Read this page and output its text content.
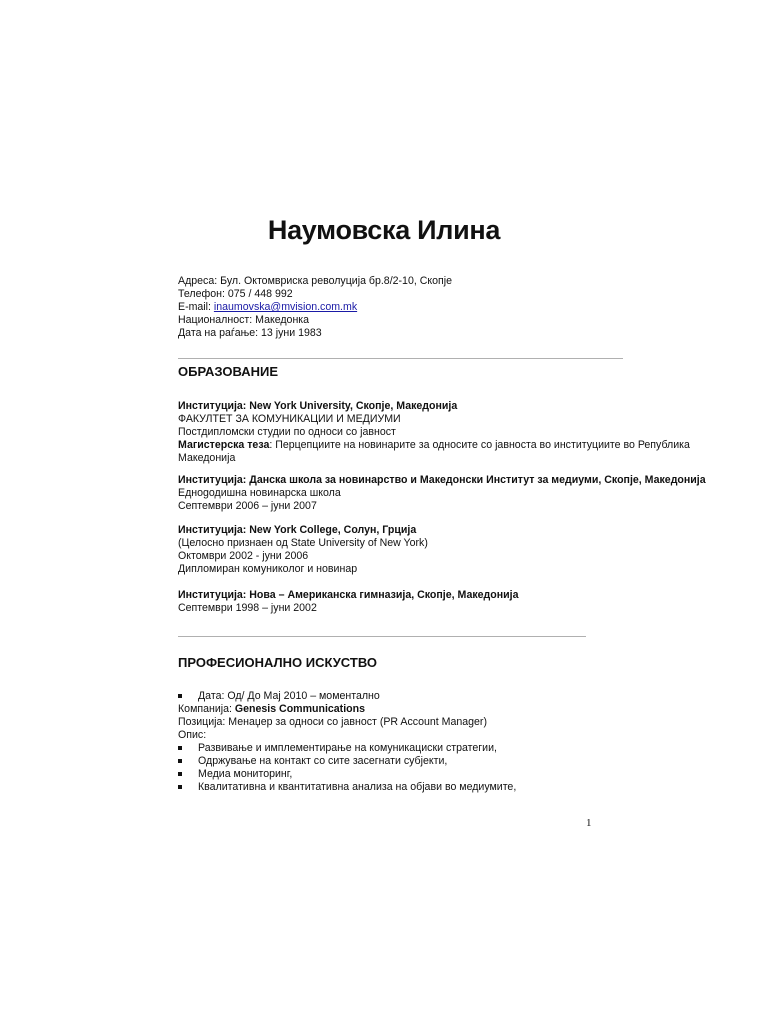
Наумовска Илина
Адреса: Бул. Октомвриска револуција бр.8/2-10, Скопје
Телефон: 075 / 448 992
E-mail: inaumovska@mvision.com.mk
Националност: Македонка
Дата на раѓање: 13 јуни 1983
ОБРАЗОВАНИЕ
Институција: New York University, Скопје, Македонија
ФАКУЛТЕТ ЗА КОМУНИКАЦИИ И МЕДИУМИ
Постдипломски студии по односи со јавност
Магистерска теза: Перцепциите на новинарите за односите со јавноста во институциите во Република
Македонија
Институција: Данска школа за новинарство и Македонски Институт за медиуми, Скопје, Македонија
Еднogодишна новинарска школа
Септември 2006 – јуни 2007
Институција: New York College, Солун, Грција
(Целосно признаен од State University of New York)
Октомври 2002 - јуни 2006
Дипломиран комуниколог и новинар
Институција: Нова – Американска гимназија, Скопје, Македонија
Септември 1998 – јуни 2002
ПРОФЕСИОНАЛНО ИСКУСТВО
Дата: Од/ До Мај 2010 – моментално
Компанија: Genesis Communications
Позиција: Менаџер за односи со јавност (PR Account Manager)
Опис:
Развивање и имплементирање на комуникациски стратегии,
Одржување на контакт со сите засегнати субјекти,
Медиа мониторинг,
Квалитативна и квантитативна анализа на објави во медиумите,
1
